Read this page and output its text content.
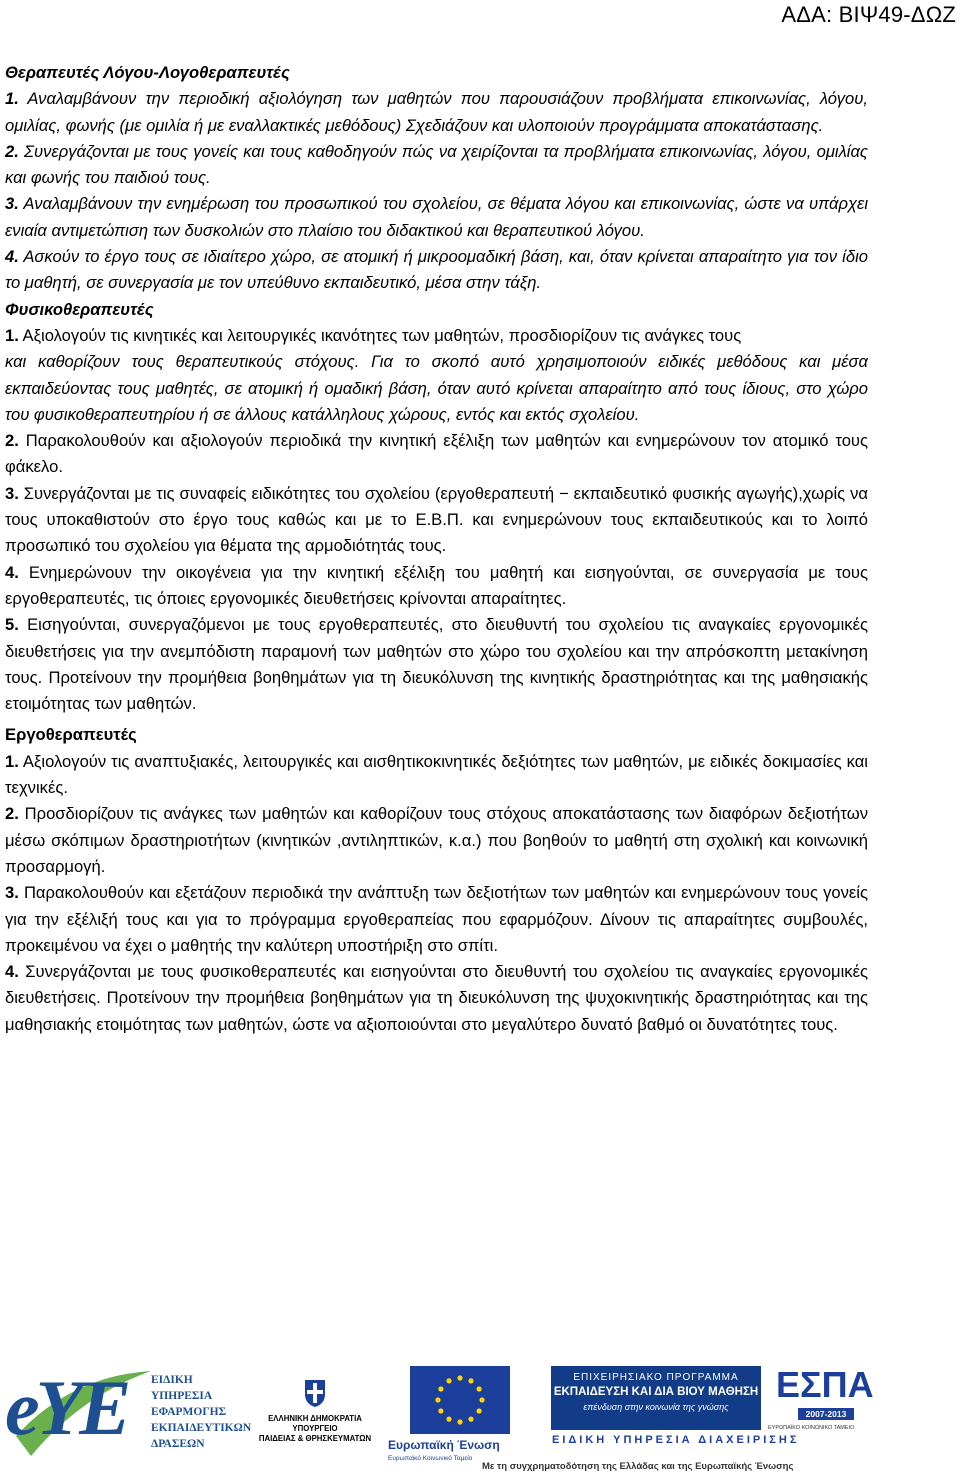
ΑΔΑ: ΒΙΨ49-ΔΩΖ

Θεραπευτές Λόγου-Λογοθεραπευτές

1. Αναλαμβάνουν την περιοδική αξιολόγηση των μαθητών που παρουσιάζουν προβλήματα επικοινωνίας, λόγου, ομιλίας, φωνής (με ομιλία ή με εναλλακτικές μεθόδους) Σχεδιάζουν και υλοποιούν προγράμματα αποκατάστασης.

2. Συνεργάζονται με τους γονείς και τους καθοδηγούν πώς να χειρίζονται τα προβλήματα επικοινωνίας, λόγου, ομιλίας και φωνής του παιδιού τους.

3. Αναλαμβάνουν την ενημέρωση του προσωπικού του σχολείου, σε θέματα λόγου και επικοινωνίας, ώστε να υπάρχει ενιαία αντιμετώπιση των δυσκολιών στο πλαίσιο του διδακτικού και θεραπευτικού λόγου.

4. Ασκούν το έργο τους σε ιδιαίτερο χώρο, σε ατομική ή μικροομαδική βάση, και, όταν κρίνεται απαραίτητο για τον ίδιο το μαθητή, σε συνεργασία με τον υπεύθυνο εκπαιδευτικό, μέσα στην τάξη.

Φυσικοθεραπευτές

1. Αξιολογούν τις κινητικές και λειτουργικές ικανότητες των μαθητών, προσδιορίζουν τις ανάγκες τους

και καθορίζουν τους θεραπευτικούς στόχους. Για το σκοπό αυτό χρησιμοποιούν ειδικές μεθόδους και μέσα εκπαιδεύοντας τους μαθητές, σε ατομική ή ομαδική βάση, όταν αυτό κρίνεται απαραίτητο από τους ίδιους, στο χώρο του φυσικοθεραπευτηρίου ή σε άλλους κατάλληλους χώρους, εντός και εκτός σχολείου.

2. Παρακολουθούν και αξιολογούν περιοδικά την κινητική εξέλιξη των μαθητών και ενημερώνουν τον ατομικό τους φάκελο.

3. Συνεργάζονται με τις συναφείς ειδικότητες του σχολείου (εργοθεραπευτή − εκπαιδευτικό φυσικής αγωγής),χωρίς να τους υποκαθιστούν στο έργο τους καθώς και με το Ε.Β.Π. και ενημερώνουν τους εκπαιδευτικούς και το λοιπό προσωπικό του σχολείου για θέματα της αρμοδιότητάς τους.

4. Ενημερώνουν την οικογένεια για την κινητική εξέλιξη του μαθητή και εισηγούνται, σε συνεργασία με τους εργοθεραπευτές, τις όποιες εργονομικές διευθετήσεις κρίνονται απαραίτητες.

5. Εισηγούνται, συνεργαζόμενοι με τους εργοθεραπευτές, στο διευθυντή του σχολείου τις αναγκαίες εργονομικές διευθετήσεις για την ανεμπόδιστη παραμονή των μαθητών στο χώρο του σχολείου και την απρόσκοπτη μετακίνηση τους. Προτείνουν την προμήθεια βοηθημάτων για τη διευκόλυνση της κινητικής δραστηριότητας και της μαθησιακής ετοιμότητας των μαθητών.

Εργοθεραπευτές

1. Αξιολογούν τις αναπτυξιακές, λειτουργικές και αισθητικοκινητικές δεξιότητες των μαθητών, με ειδικές δοκιμασίες και τεχνικές.

2. Προσδιορίζουν τις ανάγκες των μαθητών και καθορίζουν τους στόχους αποκατάστασης των διαφόρων δεξιοτήτων μέσω σκόπιμων δραστηριοτήτων (κινητικών ,αντιληπτικών, κ.α.) που βοηθούν το μαθητή στη σχολική και κοινωνική προσαρμογή.

3. Παρακολουθούν και εξετάζουν περιοδικά την ανάπτυξη των δεξιοτήτων των μαθητών και ενημερώνουν τους γονείς για την εξέλιξή τους και για το πρόγραμμα εργοθεραπείας που εφαρμόζουν. Δίνουν τις απαραίτητες συμβουλές, προκειμένου να έχει ο μαθητής την καλύτερη υποστήριξη στο σπίτι.

4. Συνεργάζονται με τους φυσικοθεραπευτές και εισηγούνται στο διευθυντή του σχολείου τις αναγκαίες εργονομικές διευθετήσεις. Προτείνουν την προμήθεια βοηθημάτων για τη διευκόλυνση της ψυχοκινητικής δραστηριότητας και της μαθησιακής ετοιμότητας των μαθητών, ώστε να αξιοποιούνται στο μεγαλύτερο δυνατό βαθμό οι δυνατότητες τους.

eYE ΕΙΔΙΚΗ
ΥΠΗΡΕΣΙΑ
ΕΦΑΡΜΟΓΗΣ
ΕΚΠΑΙΔΕΥΤΙΚΩΝ
ΔΡΑΣΕΩΝ
ΕΛΛΗΝΙΚΗ ΔΗΜΟΚΡΑΤΙΑ
ΥΠΟΥΡΓΕΙΟ
ΠΑΙΔΕΙΑΣ & ΘΡΗΣΚΕΥΜΑΤΩΝ Ευρωπαϊκή Ένωση
Ευρωπαϊκό Κοινωνικό Ταμείο
ΕΠΙΧΕΙΡΗΣΙΑΚΟ ΠΡΟΓΡΑΜΜΑ
ΕΚΠΑΙΔΕΥΣΗ ΚΑΙ ΔΙΑ ΒΙΟΥ ΜΑΘΗΣΗ
επένδυση στην κοινωνία της γνώσης
ΕΣΠΑ
2007-2013
ΕΥΡΩΠΑΪΚΟ ΚΟΙΝΩΝΙΚΟ ΤΑΜΕΙΟ
ΕΙΔΙΚΗ ΥΠΗΡΕΣΙΑ ΔΙΑΧΕΙΡΙΣΗΣ
Με τη συγχρηματοδότηση της Ελλάδας και της Ευρωπαϊκής Ένωσης
